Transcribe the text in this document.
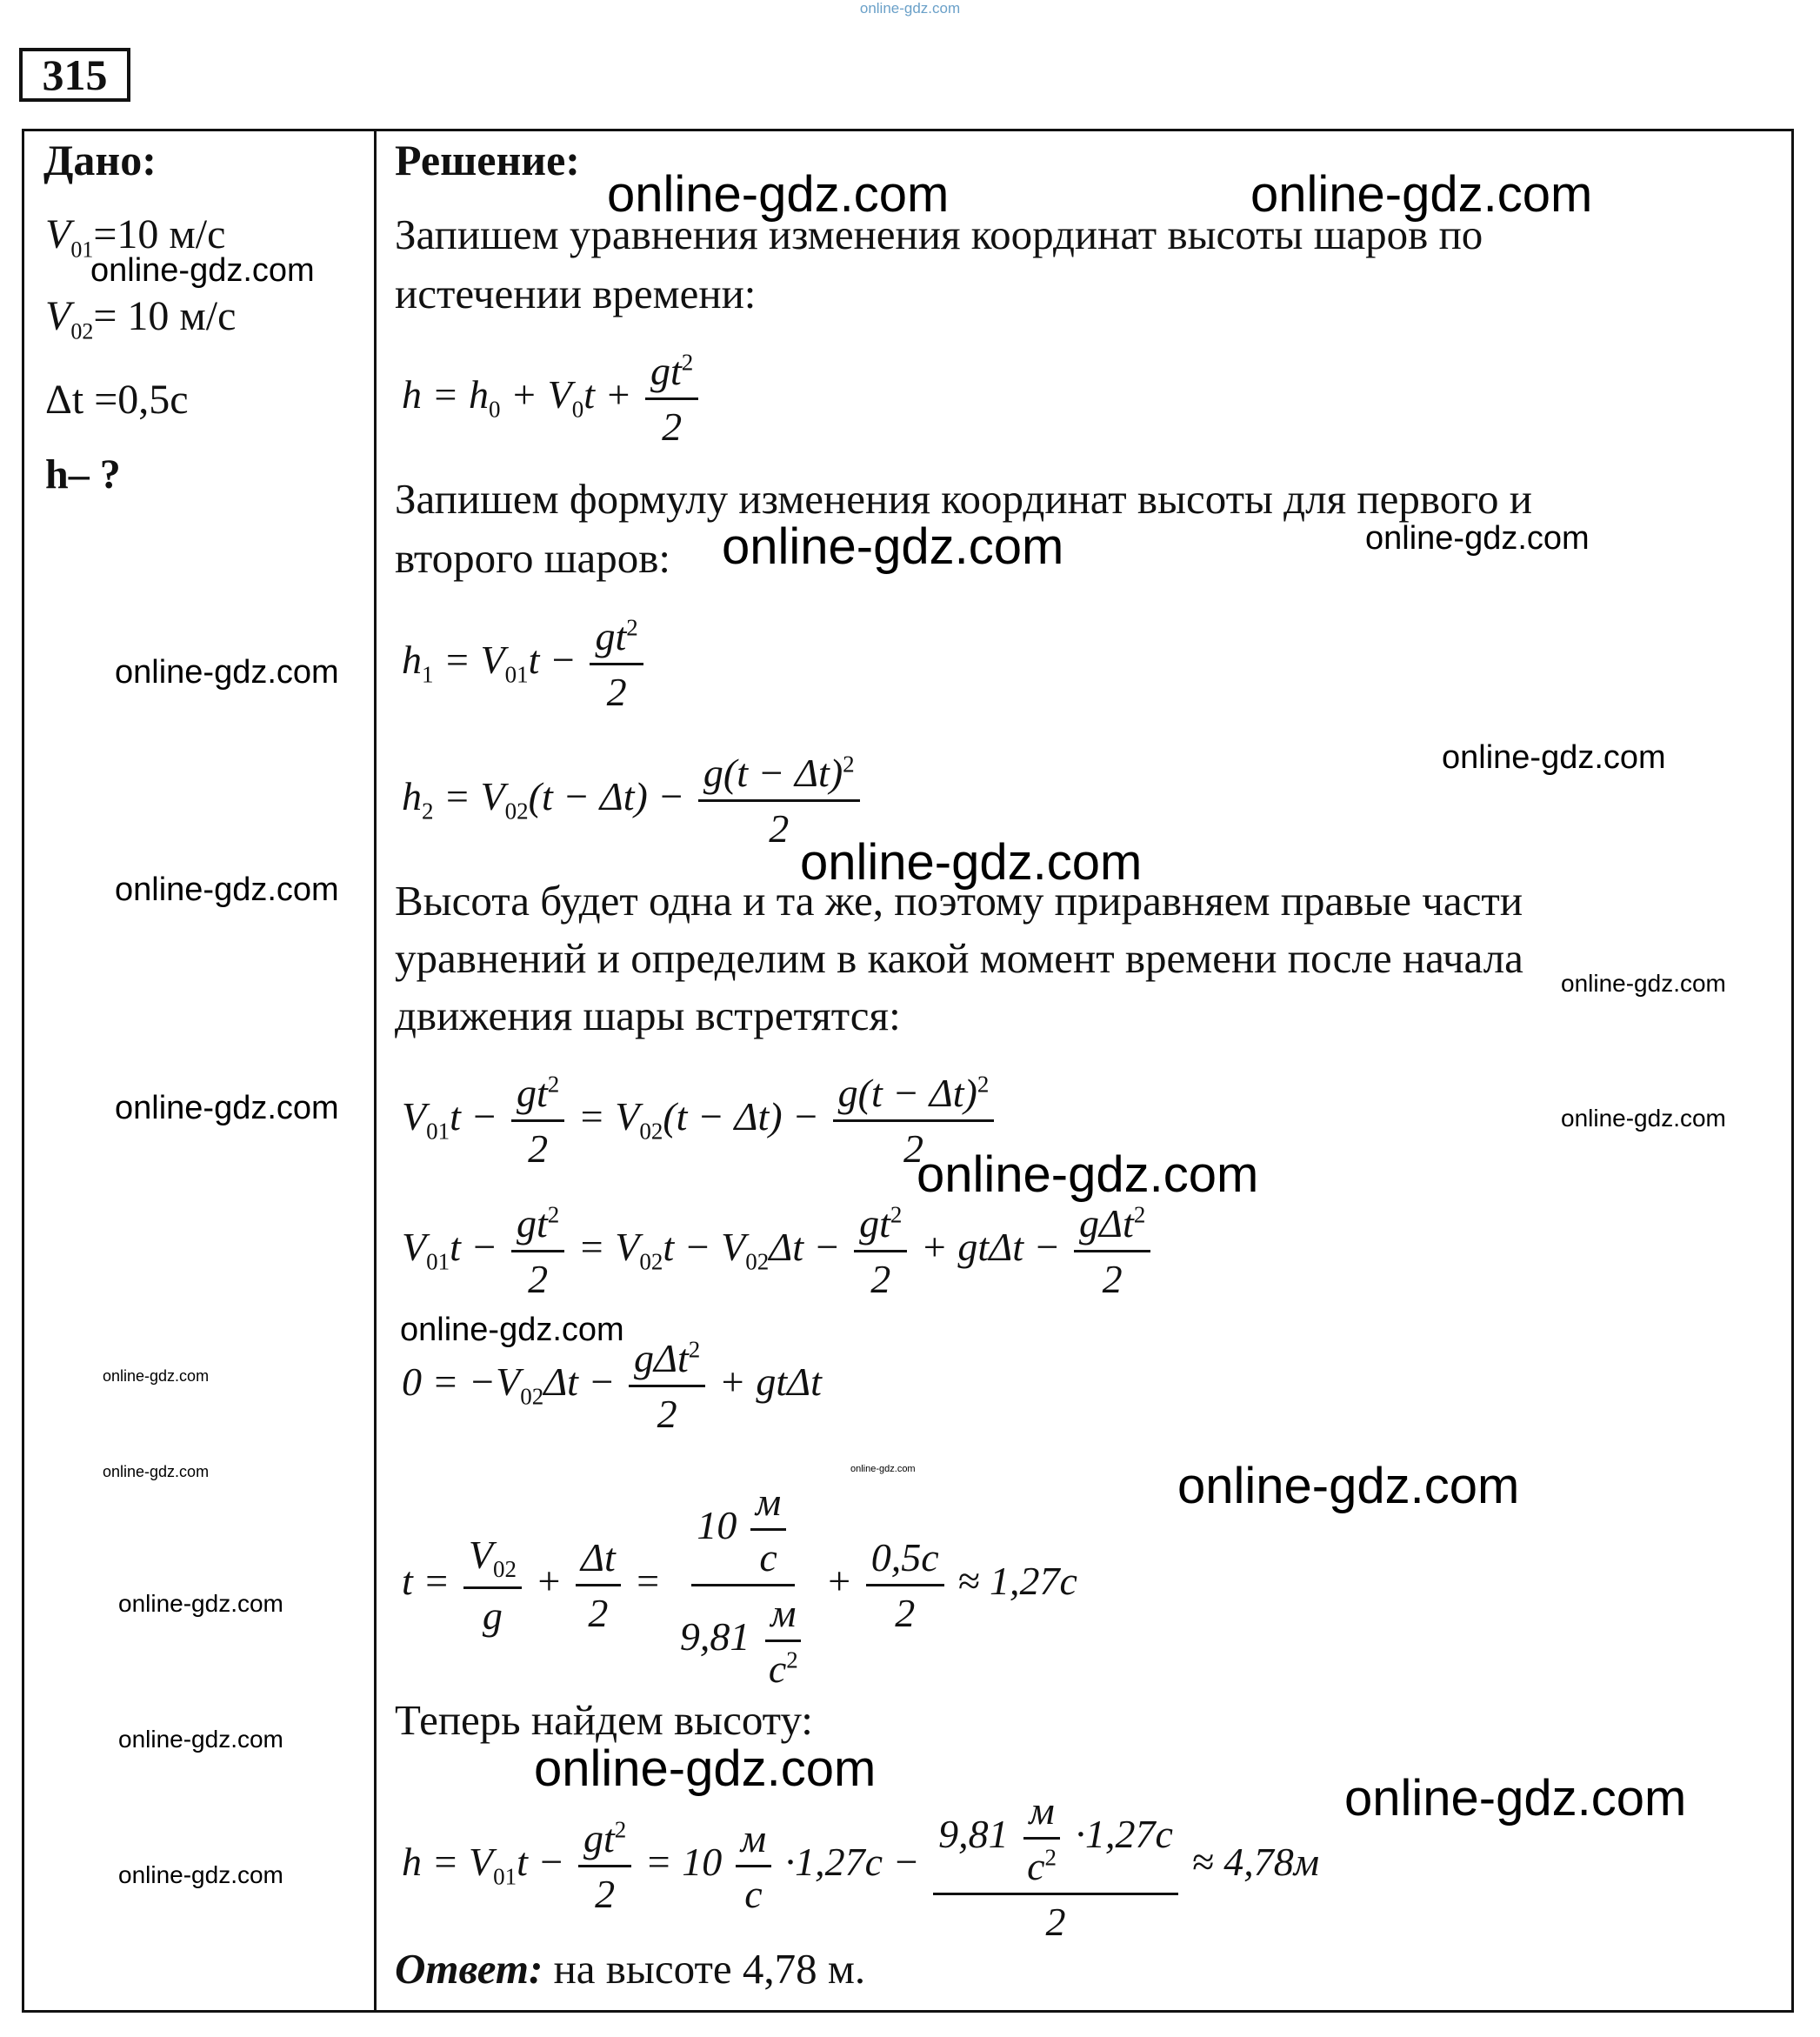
online-gdz.com
315
Дано:
$V_{01}=10$ м/с
$V_{02}= 10$ м/с
Δt =0,5с
h– ?
Решение:
Запишем уравнения изменения координат высоты шаров по
истечении времени:
$h = h_0 + V_0t + \frac{gt^2}{2}$
Запишем формулу изменения координат высоты для первого и
второго шаров:
$h_1 = V_{01}t - \frac{gt^2}{2}$
$h_2 = V_{02}(t - \Delta t) - \frac{g(t - \Delta t)^2}{2}$
Высота будет одна и та же, поэтому приравняем правые части
уравнений и определим в какой момент времени после начала
движения шары встретятся:
$V_{01}t - \frac{gt^2}{2} = V_{02}(t - \Delta t) - \frac{g(t - \Delta t)^2}{2}$
$V_{01}t - \frac{gt^2}{2} = V_{02}t - V_{02}\Delta t - \frac{gt^2}{2} + gt\Delta t - \frac{g\Delta t^2}{2}$
$0 = -V_{02}\Delta t - \frac{g\Delta t^2}{2} + gt\Delta t$
$t = \frac{V_{02}}{g} + \frac{\Delta t}{2} = \frac{10 \frac{м}{с}}{9,81 \frac{м}{с^2}} + \frac{0,5с}{2} \approx 1,27с$
Теперь найдем высоту:
$h = V_{01}t - \frac{gt^2}{2} = 10 \frac{м}{с} \cdot 1,27с - \frac{9,81 \frac{м}{с^2} \cdot 1,27с}{2} \approx 4,78м$
Ответ: на высоте 4,78 м.
online-gdz.com	online-gdz.com
online-gdz.com
online-gdz.com	online-gdz.com
online-gdz.com
online-gdz.com
online-gdz.com	online-gdz.com
online-gdz.com
online-gdz.com	online-gdz.com
online-gdz.com
online-gdz.com
online-gdz.com
online-gdz.com	online-gdz.com	online-gdz.com
online-gdz.com
online-gdz.com
online-gdz.com
online-gdz.com
online-gdz.com
